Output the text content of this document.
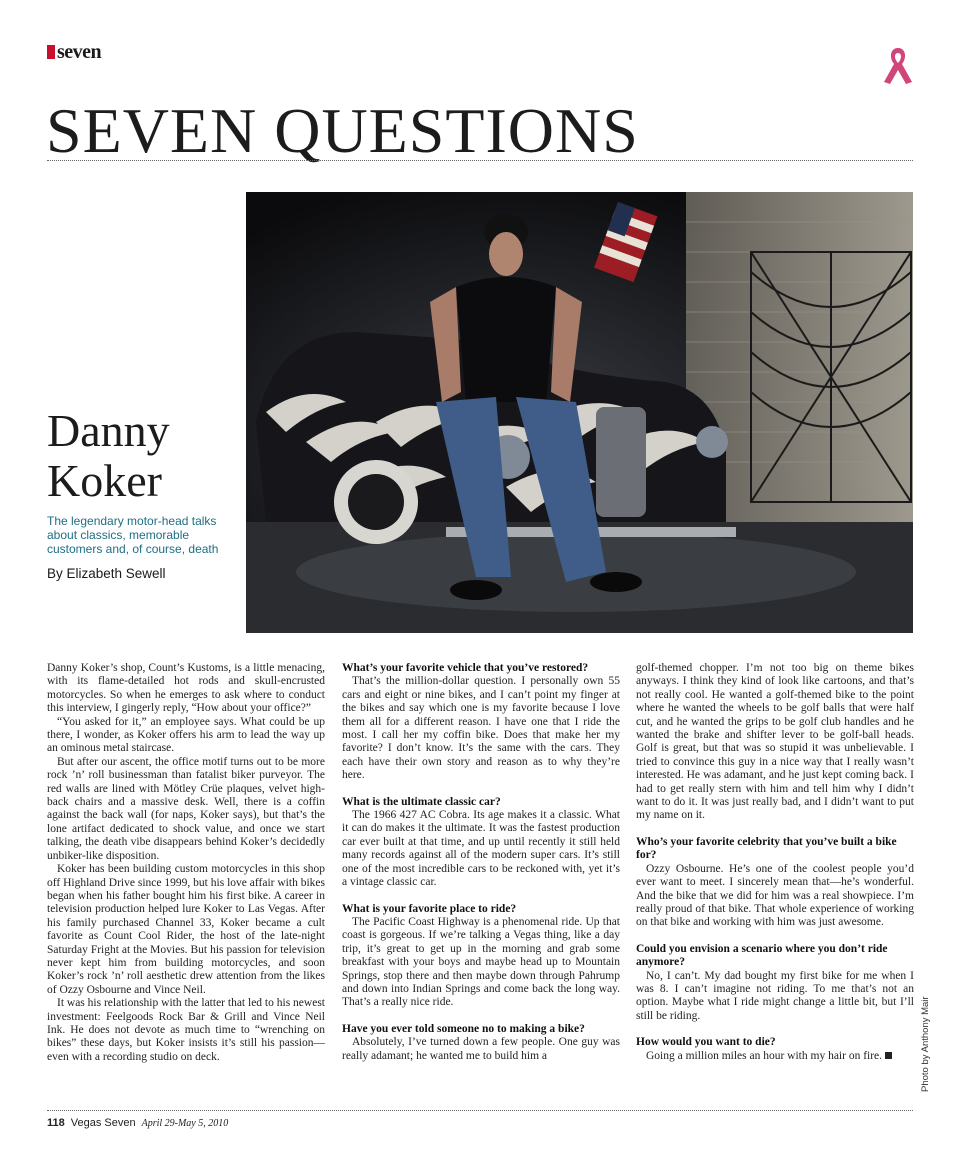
seven
SEVEN QUESTIONS
Danny
Koker
The legendary motor-head talks about classics, memorable customers and, of course, death
By Elizabeth Sewell

Danny Koker’s shop, Count’s Kustoms, is a little menacing, with its flame-detailed hot rods and skull-encrusted motorcycles. So when he emerges to ask where to conduct this interview, I gingerly reply, “How about your office?”

“You asked for it,” an employee says. What could be up there, I wonder, as Koker offers his arm to lead the way up an ominous metal staircase.

But after our ascent, the office motif turns out to be more rock ’n’ roll businessman than fatalist biker purveyor. The red walls are lined with Mötley Crüe plaques, velvet high-back chairs and a massive desk. Well, there is a coffin against the back wall (for naps, Koker says), but that’s the lone artifact dedicated to shock value, and once we start talking, the death vibe disappears behind Koker’s decidedly unbiker-like disposition.

Koker has been building custom motorcycles in this shop off Highland Drive since 1999, but his love affair with bikes began when his father bought him his first bike. A career in television production helped lure Koker to Las Vegas. After his family purchased Channel 33, Koker became a cult favorite as Count Cool Rider, the host of the late-night Saturday Fright at the Movies. But his passion for television never kept him from building motorcycles, and soon Koker’s rock ’n’ roll aesthetic drew attention from the likes of Ozzy Osbourne and Vince Neil.

It was his relationship with the latter that led to his newest investment: Feelgoods Rock Bar & Grill and Vince Neil Ink. He does not devote as much time to “wrenching on bikes” these days, but Koker insists it’s still his passion—even with a recording studio on deck.

What’s your favorite vehicle that you’ve restored?

That’s the million-dollar question. I personally own 55 cars and eight or nine bikes, and I can’t point my finger at the bikes and say which one is my favorite because I love them all for a different reason. I have one that I ride the most. I call her my coffin bike. Does that make her my favorite? I don’t know. It’s the same with the cars. They each have their own story and reason as to why they’re here.

What is the ultimate classic car?

The 1966 427 AC Cobra. Its age makes it a classic. What it can do makes it the ultimate. It was the fastest production car ever built at that time, and up until recently it still held many records against all of the modern super cars. It’s still one of the most incredible cars to be reckoned with, yet it’s a vintage classic car.

What is your favorite place to ride?

The Pacific Coast Highway is a phenomenal ride. Up that coast is gorgeous. If we’re talking a Vegas thing, like a day trip, it’s great to get up in the morning and grab some breakfast with your boys and maybe head up to Mountain Springs, stop there and then maybe down through Pahrump and down into Indian Springs and come back the long way. That’s a really nice ride.

Have you ever told someone no to making a bike?

Absolutely, I’ve turned down a few people. One guy was really adamant; he wanted me to build him a

golf-themed chopper. I’m not too big on theme bikes anyways. I think they kind of look like cartoons, and that’s not really cool. He wanted a golf-themed bike to the point where he wanted the wheels to be golf balls that were half cut, and he wanted the grips to be golf club handles and he wanted the brake and shifter lever to be golf-ball heads. Golf is great, but that was so stupid it was unbelievable. I tried to convince this guy in a nice way that I really wasn’t interested. He was adamant, and he just kept coming back. I had to get really stern with him and tell him why I didn’t want to do it. It was just really bad, and I didn’t want to put my name on it.

Who’s your favorite celebrity that you’ve built a bike for?

Ozzy Osbourne. He’s one of the coolest people you’d ever want to meet. I sincerely mean that—he’s wonderful. And the bike that we did for him was a real showpiece. I’m really proud of that bike. That whole experience of working on that bike and working with him was just awesome.

Could you envision a scenario where you don’t ride anymore?

No, I can’t. My dad bought my first bike for me when I was 8. I can’t imagine not riding. To me that’s not an option. Maybe what I ride might change a little bit, but I’ll still be riding.

How would you want to die?

Going a million miles an hour with my hair on fire.	Photo by Anthony Mair
118 Vegas Seven April 29-May 5, 2010
